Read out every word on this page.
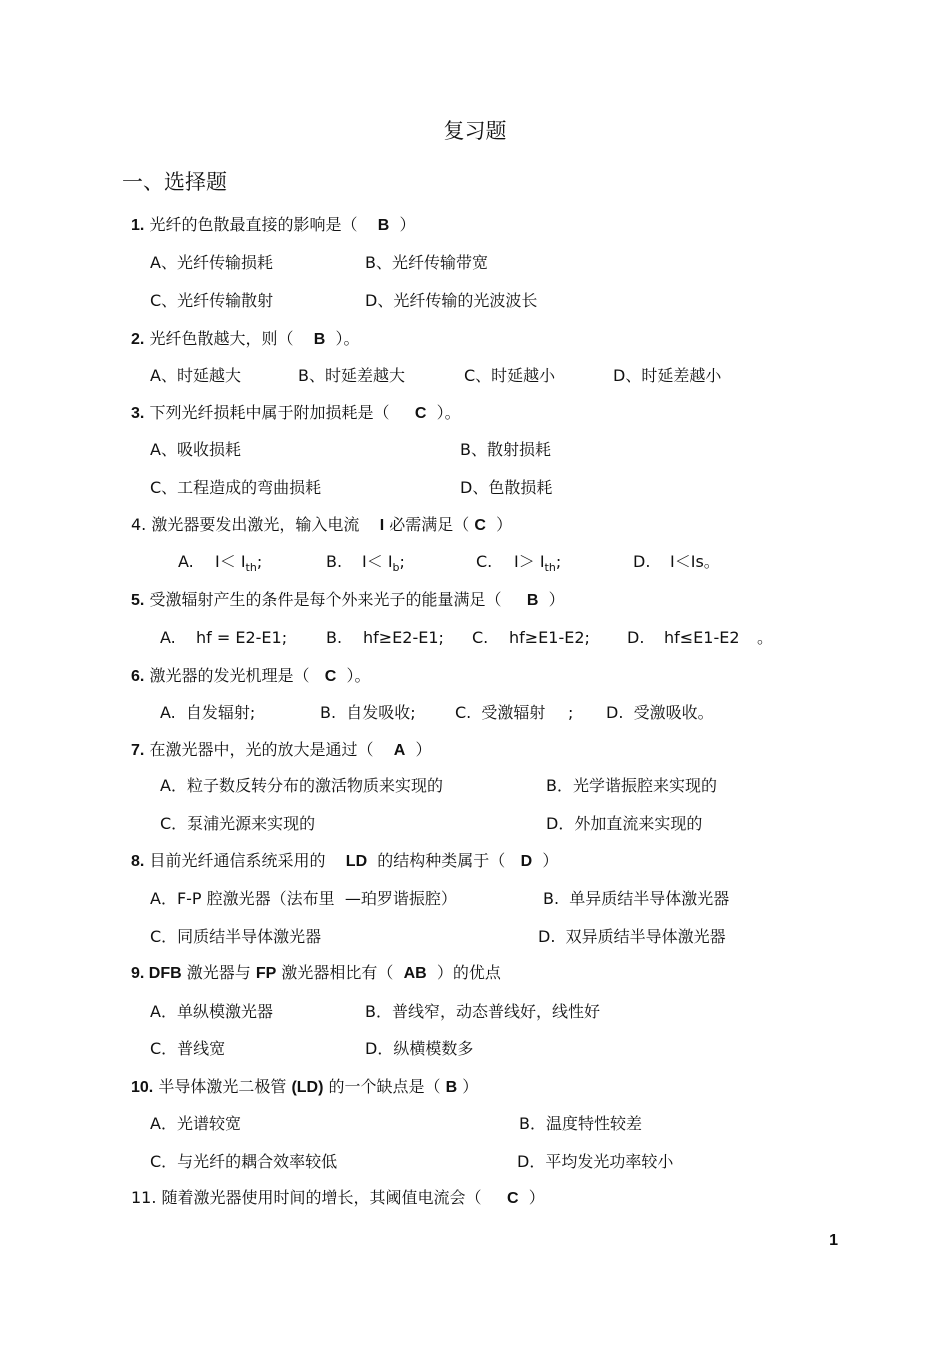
复习题
一、选择题
1. 光纤的色散最直接的影响是（ B ）
A、光纤传输损耗	B、光纤传输带宽
C、光纤传输散射	D、光纤传输的光波波长
2. 光纤色散越大，则（ B ）。
A、时延越大	B、时延差越大	C、时延越小	D、时延差越小
3. 下列光纤损耗中属于附加损耗是（ C ）。
A、吸收损耗	B、散射损耗
C、工程造成的弯曲损耗	D、色散损耗
4. 激光器要发出激光，输入电流 I 必需满足（ C ）
A. $I< I_{th}$;	B. $I< I_b$;	C. $I> I_{th}$;	D. I＜Is。
5. 受激辐射产生的条件是每个外来光子的能量满足（ B ）
A. hf = E2-E1; B. hf≥E2-E1; C. hf≥E1-E2; D. hf≤E1-E2 。
6. 激光器的发光机理是（ C ）。
A.  自发辐射;	B.  自发吸收; C.  受激辐射 ; D.  受激吸收。
7. 在激光器中，光的放大是通过（ A ）
A．粒子数反转分布的激活物质来实现的	B．光学谐振腔来实现的
C．泵浦光源来实现的	D．外加直流来实现的
8. 目前光纤通信系统采用的 LD 的结构种类属于（ D ）
A．F-P 腔激光器（法布里  —珀罗谐振腔）	B.  单异质结半导体激光器
C．同质结半导体激光器	D.  双异质结半导体激光器
9. DFB 激光器与 FP 激光器相比有（ AB ）的优点
A．单纵模激光器	B．普线窄，动态普线好，线性好
C．普线宽	D．纵横模数多
10. 半导体激光二极管 (LD) 的一个缺点是（ B ）
A．光谱较宽	B．温度特性较差
C．与光纤的耦合效率较低	D．平均发光功率较小
11. 随着激光器使用时间的增长，其阈值电流会（ C ）
1
